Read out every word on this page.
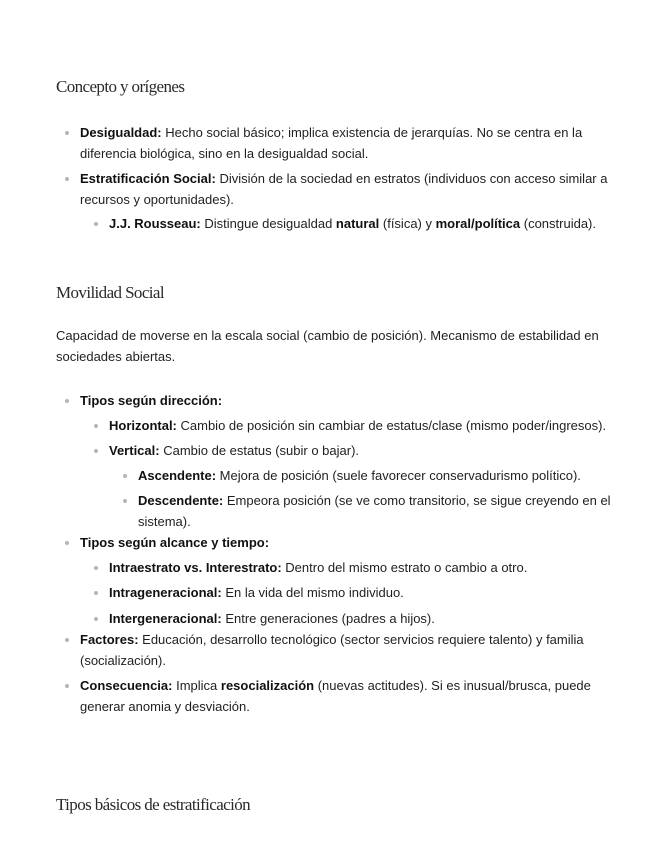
Concepto y orígenes
Desigualdad: Hecho social básico; implica existencia de jerarquías. No se centra en la diferencia biológica, sino en la desigualdad social.
Estratificación Social: División de la sociedad en estratos (individuos con acceso similar a recursos y oportunidades).
J.J. Rousseau: Distingue desigualdad natural (física) y moral/política (construida).
Movilidad Social

Capacidad de moverse en la escala social (cambio de posición). Mecanismo de estabilidad en sociedades abiertas.

Tipos según dirección:
Horizontal: Cambio de posición sin cambiar de estatus/clase (mismo poder/ingresos).
Vertical: Cambio de estatus (subir o bajar).
Ascendente: Mejora de posición (suele favorecer conservadurismo político).
Descendente: Empeora posición (se ve como transitorio, se sigue creyendo en el sistema).
Tipos según alcance y tiempo:
Intraestrato vs. Interestrato: Dentro del mismo estrato o cambio a otro.
Intrageneracional: En la vida del mismo individuo.
Intergeneracional: Entre generaciones (padres a hijos).
Factores: Educación, desarrollo tecnológico (sector servicios requiere talento) y familia (socialización).
Consecuencia: Implica resocialización (nuevas actitudes). Si es inusual/brusca, puede generar anomia y desviación.
Tipos básicos de estratificación
